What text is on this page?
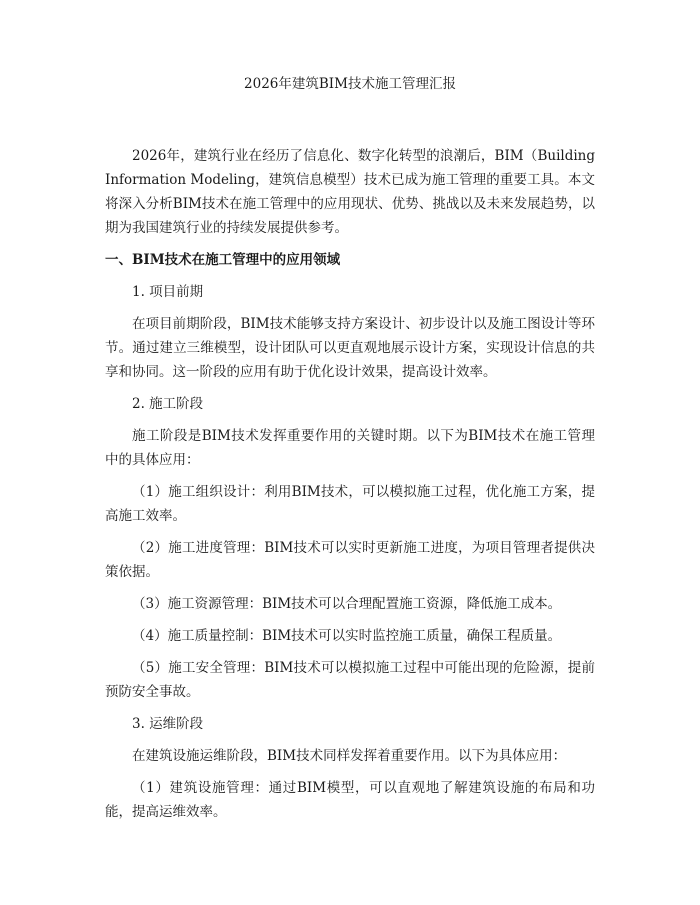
2026年建筑BIM技术施工管理汇报

2026年，建筑行业在经历了信息化、数字化转型的浪潮后，BIM（Building Information Modeling，建筑信息模型）技术已成为施工管理的重要工具。本文将深入分析BIM技术在施工管理中的应用现状、优势、挑战以及未来发展趋势，以期为我国建筑行业的持续发展提供参考。

一、BIM技术在施工管理中的应用领域
1. 项目前期

在项目前期阶段，BIM技术能够支持方案设计、初步设计以及施工图设计等环节。通过建立三维模型，设计团队可以更直观地展示设计方案，实现设计信息的共享和协同。这一阶段的应用有助于优化设计效果，提高设计效率。

2. 施工阶段

施工阶段是BIM技术发挥重要作用的关键时期。以下为BIM技术在施工管理中的具体应用：

（1）施工组织设计：利用BIM技术，可以模拟施工过程，优化施工方案，提高施工效率。

（2）施工进度管理：BIM技术可以实时更新施工进度，为项目管理者提供决策依据。

（3）施工资源管理：BIM技术可以合理配置施工资源，降低施工成本。

（4）施工质量控制：BIM技术可以实时监控施工质量，确保工程质量。

（5）施工安全管理：BIM技术可以模拟施工过程中可能出现的危险源，提前预防安全事故。

3. 运维阶段

在建筑设施运维阶段，BIM技术同样发挥着重要作用。以下为具体应用：

（1）建筑设施管理：通过BIM模型，可以直观地了解建筑设施的布局和功能，提高运维效率。
